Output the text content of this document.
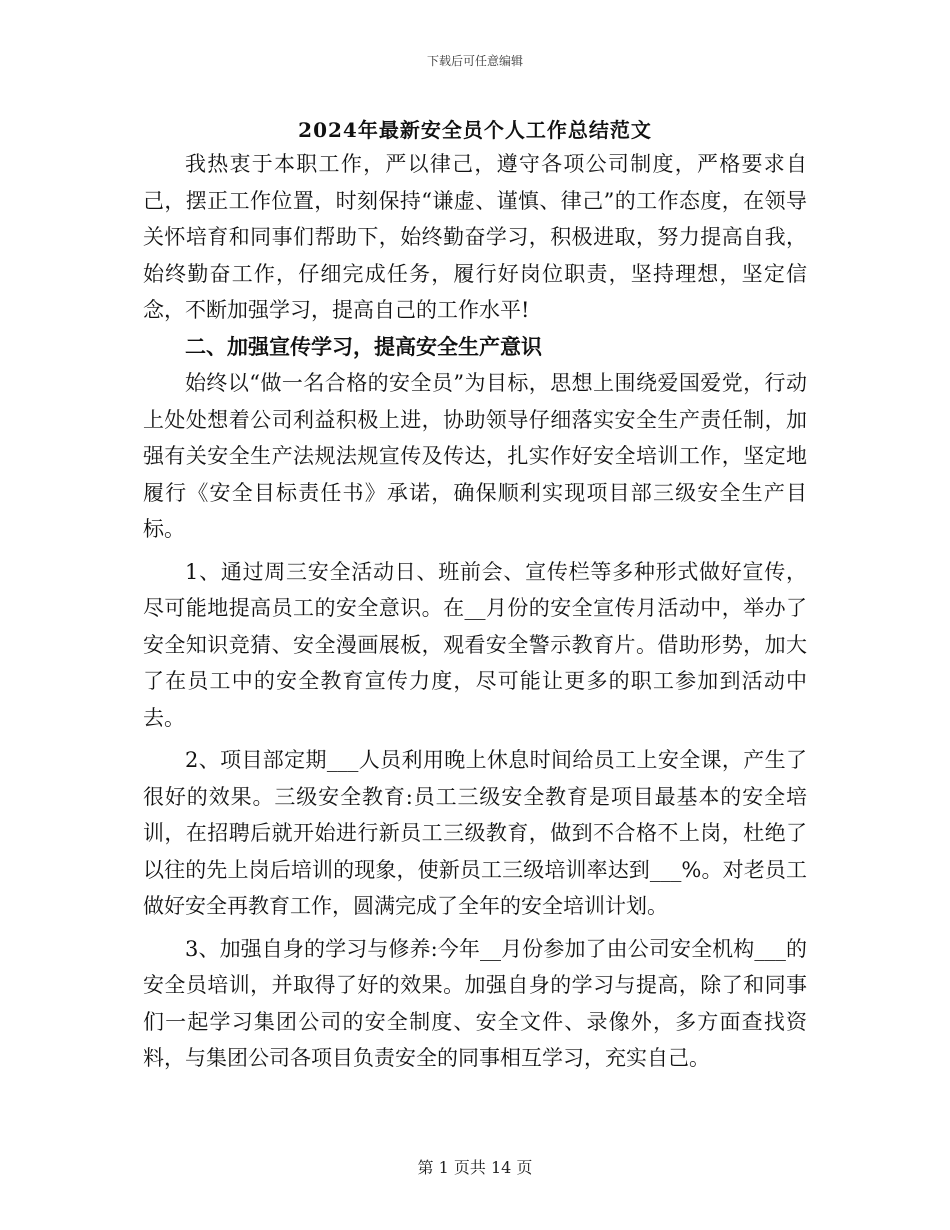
下载后可任意编辑
2024年最新安全员个人工作总结范文

我热衷于本职工作，严以律己，遵守各项公司制度，严格要求自己，摆正工作位置，时刻保持“谦虚、谨慎、律己”的工作态度，在领导关怀培育和同事们帮助下，始终勤奋学习，积极进取，努力提高自我，始终勤奋工作，仔细完成任务，履行好岗位职责，坚持理想，坚定信念，不断加强学习，提高自己的工作水平!

二、加强宣传学习，提高安全生产意识

始终以“做一名合格的安全员”为目标，思想上围绕爱国爱党，行动上处处想着公司利益积极上进，协助领导仔细落实安全生产责任制，加强有关安全生产法规法规宣传及传达，扎实作好安全培训工作，坚定地履行《安全目标责任书》承诺，确保顺利实现项目部三级安全生产目标。

1、通过周三安全活动日、班前会、宣传栏等多种形式做好宣传，尽可能地提高员工的安全意识。在__月份的安全宣传月活动中，举办了安全知识竞猜、安全漫画展板，观看安全警示教育片。借助形势，加大了在员工中的安全教育宣传力度，尽可能让更多的职工参加到活动中去。

2、项目部定期___人员利用晚上休息时间给员工上安全课，产生了很好的效果。三级安全教育:员工三级安全教育是项目最基本的安全培训，在招聘后就开始进行新员工三级教育，做到不合格不上岗，杜绝了以往的先上岗后培训的现象，使新员工三级培训率达到___%。对老员工做好安全再教育工作，圆满完成了全年的安全培训计划。

3、加强自身的学习与修养:今年__月份参加了由公司安全机构___的安全员培训，并取得了好的效果。加强自身的学习与提高，除了和同事们一起学习集团公司的安全制度、安全文件、录像外，多方面查找资料，与集团公司各项目负责安全的同事相互学习，充实自己。

第 1 页共 14 页
